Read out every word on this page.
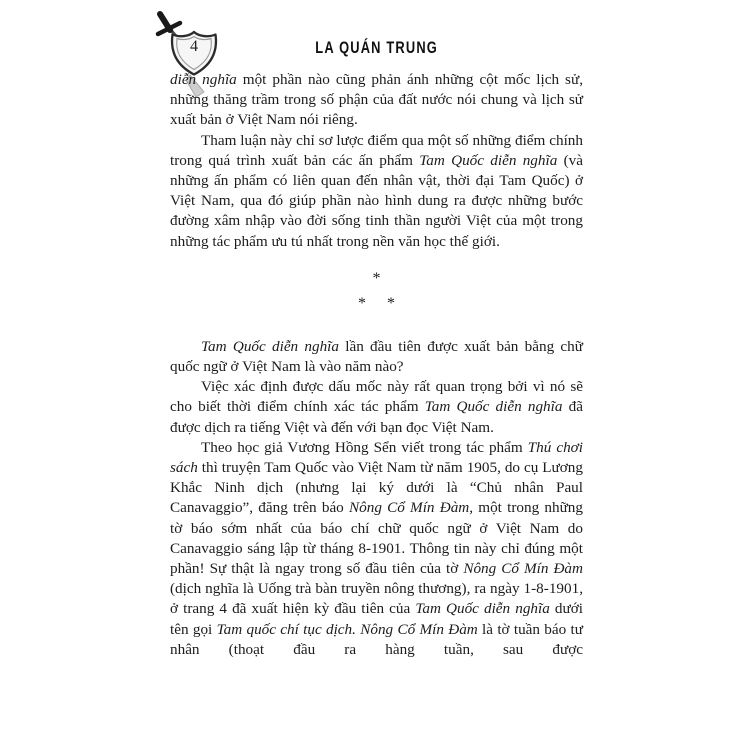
4	LA QUÁN TRUNG

diễn nghĩa một phần nào cũng phản ánh những cột mốc lịch sử, những thăng trầm trong số phận của đất nước nói chung và lịch sử xuất bản ở Việt Nam nói riêng.

Tham luận này chỉ sơ lược điểm qua một số những điểm chính trong quá trình xuất bản các ấn phẩm Tam Quốc diễn nghĩa (và những ấn phẩm có liên quan đến nhân vật, thời đại Tam Quốc) ở Việt Nam, qua đó giúp phần nào hình dung ra được những bước đường xâm nhập vào đời sống tinh thần người Việt của một trong những tác phẩm ưu tú nhất trong nền văn học thế giới.

*
* *

Tam Quốc diễn nghĩa lần đầu tiên được xuất bản bằng chữ quốc ngữ ở Việt Nam là vào năm nào?

Việc xác định được dấu mốc này rất quan trọng bởi vì nó sẽ cho biết thời điểm chính xác tác phẩm Tam Quốc diễn nghĩa đã được dịch ra tiếng Việt và đến với bạn đọc Việt Nam.

Theo học giả Vương Hồng Sển viết trong tác phẩm Thú chơi sách thì truyện Tam Quốc vào Việt Nam từ năm 1905, do cụ Lương Khắc Ninh dịch (nhưng lại ký dưới là “Chủ nhân Paul Canavaggio”, đăng trên báo Nông Cổ Mín Đàm, một trong những tờ báo sớm nhất của báo chí chữ quốc ngữ ở Việt Nam do Canavaggio sáng lập từ tháng 8-1901. Thông tin này chỉ đúng một phần! Sự thật là ngay trong số đầu tiên của tờ Nông Cổ Mín Đàm (dịch nghĩa là Uống trà bàn truyền nông thương), ra ngày 1-8-1901, ở trang 4 đã xuất hiện kỳ đầu tiên của Tam Quốc diễn nghĩa dưới tên gọi Tam quốc chí tục dịch. Nông Cổ Mín Đàm là tờ tuần báo tư nhân (thoạt đầu ra hàng tuần, sau được
